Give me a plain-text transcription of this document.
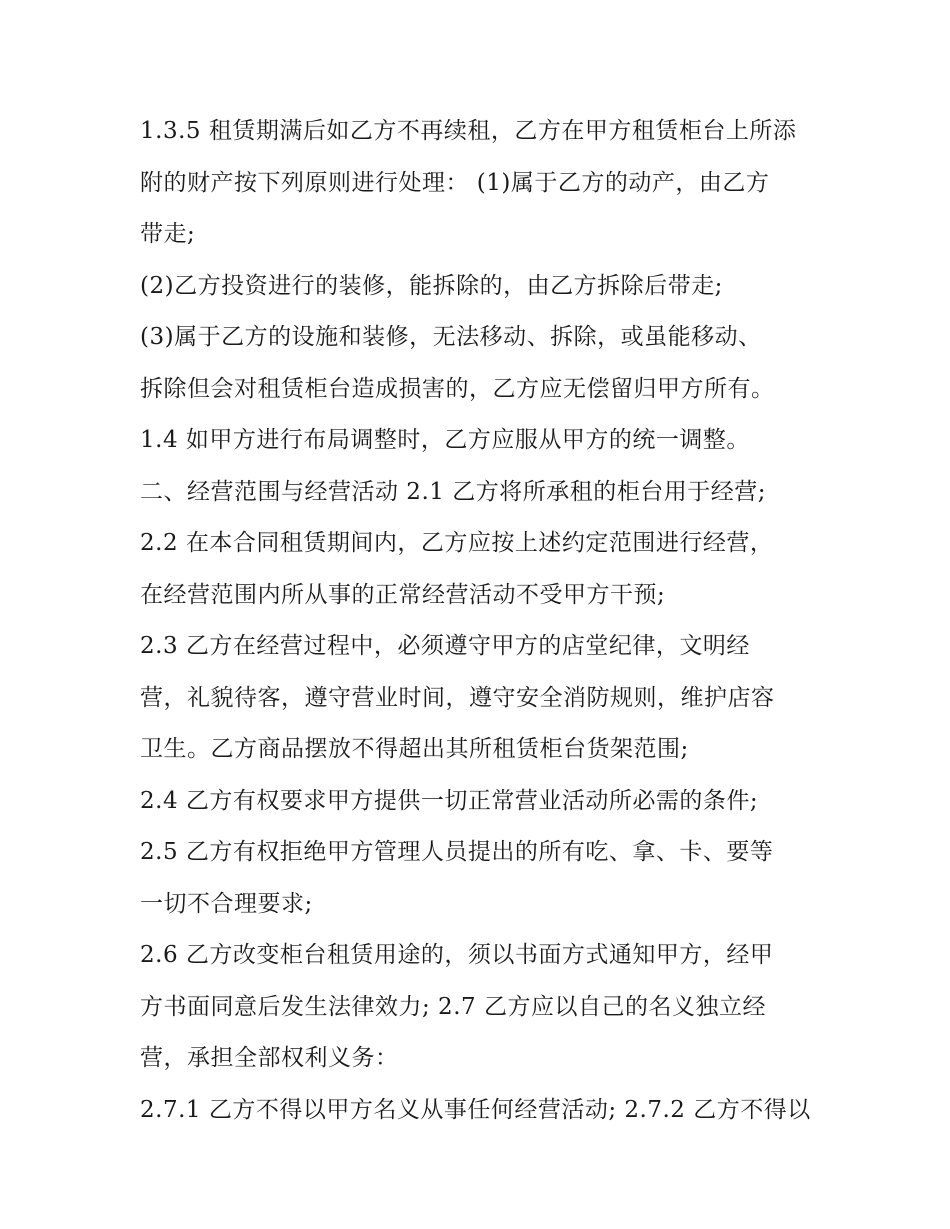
1.3.5 租赁期满后如乙方不再续租，乙方在甲方租赁柜台上所添
附的财产按下列原则进行处理： (1)属于乙方的动产，由乙方
带走;
(2)乙方投资进行的装修，能拆除的，由乙方拆除后带走;
(3)属于乙方的设施和装修，无法移动、拆除，或虽能移动、
拆除但会对租赁柜台造成损害的，乙方应无偿留归甲方所有。
1.4 如甲方进行布局调整时，乙方应服从甲方的统一调整。
二、经营范围与经营活动 2.1 乙方将所承租的柜台用于经营;
2.2 在本合同租赁期间内，乙方应按上述约定范围进行经营，
在经营范围内所从事的正常经营活动不受甲方干预;
2.3 乙方在经营过程中，必须遵守甲方的店堂纪律，文明经
营，礼貌待客，遵守营业时间，遵守安全消防规则，维护店容
卫生。乙方商品摆放不得超出其所租赁柜台货架范围;
2.4 乙方有权要求甲方提供一切正常营业活动所必需的条件;
2.5 乙方有权拒绝甲方管理人员提出的所有吃、拿、卡、要等
一切不合理要求;
2.6 乙方改变柜台租赁用途的，须以书面方式通知甲方，经甲
方书面同意后发生法律效力; 2.7 乙方应以自己的名义独立经
营，承担全部权利义务：
2.7.1 乙方不得以甲方名义从事任何经营活动; 2.7.2 乙方不得以
